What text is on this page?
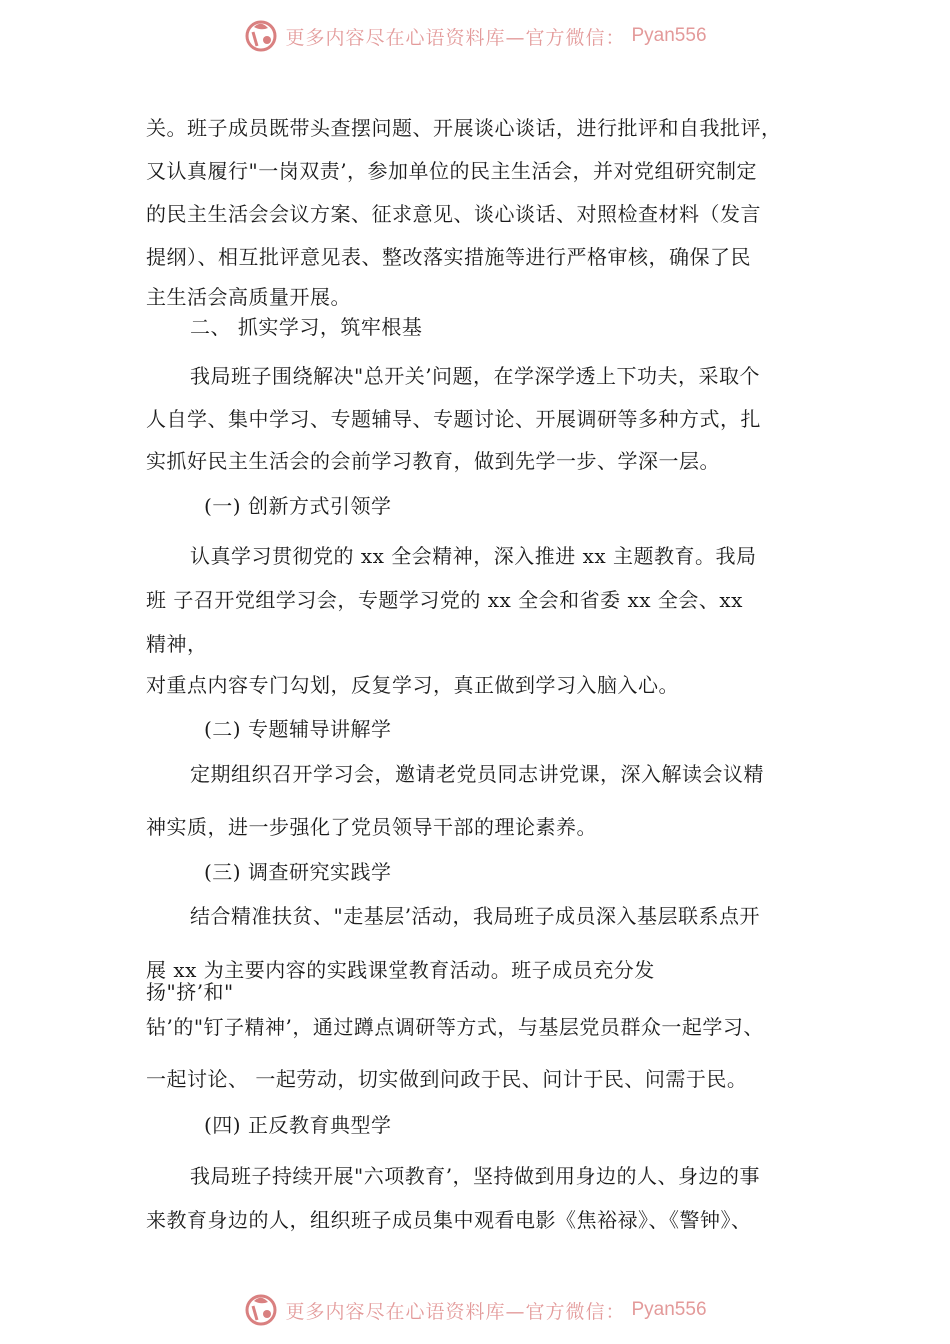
更多内容尽在心语资料库—官方微信： Pyan556
关。班子成员既带头查摆问题、开展谈心谈话，进行批评和自我批评，
又认真履行"一岗双责’，参加单位的民主生活会，并对党组研究制定
的民主生活会会议方案、征求意见、谈心谈话、对照检查材料（发言
提纲）、相互批评意见表、整改落实措施等进行严格审核，确保了民
主生活会高质量开展。
二、 抓实学习，筑牢根基
我局班子围绕解决"总开关’问题，在学深学透上下功夫，采取个
人自学、集中学习、专题辅导、专题讨论、开展调研等多种方式，扎
实抓好民主生活会的会前学习教育，做到先学一步、学深一层。
(一) 创新方式引领学
认真学习贯彻党的 xx 全会精神，深入推进 xx 主题教育。我局
班 子召开党组学习会，专题学习党的 xx 全会和省委 xx 全会、xx
精神，
对重点内容专门勾划，反复学习，真正做到学习入脑入心。
(二) 专题辅导讲解学
定期组织召开学习会，邀请老党员同志讲党课，深入解读会议精
神实质，进一步强化了党员领导干部的理论素养。
(三) 调查研究实践学
结合精准扶贫、"走基层’活动，我局班子成员深入基层联系点开
展 xx 为主要内容的实践课堂教育活动。班子成员充分发
扬"挤’和"
钻’的"钉子精神’，通过蹲点调研等方式，与基层党员群众一起学习、
一起讨论、 一起劳动，切实做到问政于民、问计于民、问需于民。
(四) 正反教育典型学
我局班子持续开展"六项教育’，坚持做到用身边的人、身边的事
来教育身边的人，组织班子成员集中观看电影《焦裕禄》、《警钟》、
更多内容尽在心语资料库—官方微信： Pyan556
